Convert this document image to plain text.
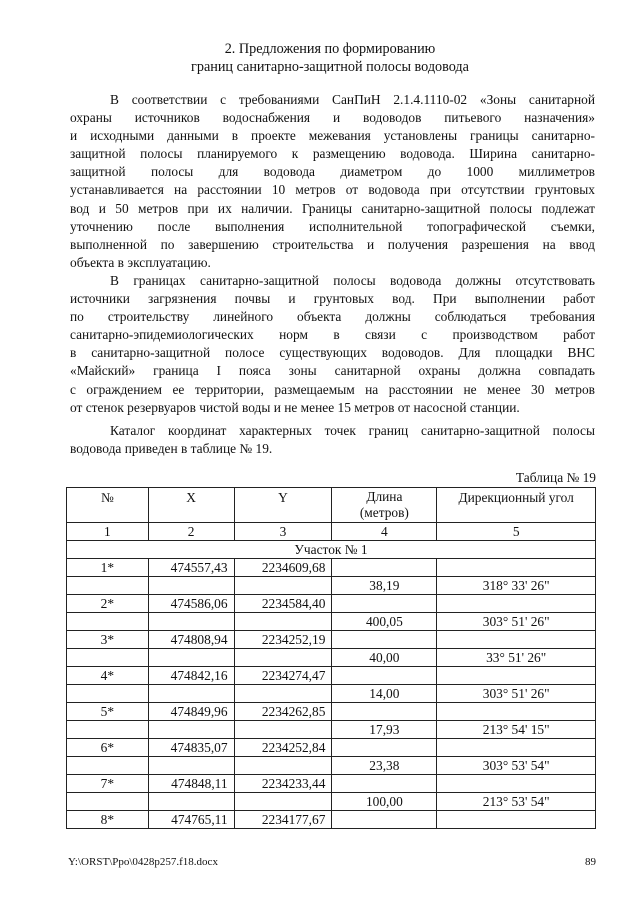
2. Предложения по формированию
границ санитарно-защитной полосы водовода
В соответствии с требованиями СанПиН 2.1.4.1110-02 «Зоны санитарной
охраны источников водоснабжения и водоводов питьевого назначения»
и исходными данными в проекте межевания установлены границы санитарно-
защитной полосы планируемого к размещению водовода. Ширина санитарно-
защитной полосы для водовода диаметром до 1000 миллиметров
устанавливается на расстоянии 10 метров от водовода при отсутствии грунтовых
вод и 50 метров при их наличии. Границы санитарно-защитной полосы подлежат
уточнению после выполнения исполнительной топографической съемки,
выполненной по завершению строительства и получения разрешения на ввод
объекта в эксплуатацию.
В границах санитарно-защитной полосы водовода должны отсутствовать
источники загрязнения почвы и грунтовых вод. При выполнении работ
по строительству линейного объекта должны соблюдаться требования
санитарно-эпидемиологических норм в связи с производством работ
в санитарно-защитной полосе существующих водоводов. Для площадки ВНС
«Майский» граница I пояса зоны санитарной охраны должна совпадать
с ограждением ее территории, размещаемым на расстоянии не менее 30 метров
от стенок резервуаров чистой воды и не менее 15 метров от насосной станции.
Каталог координат характерных точек границ санитарно-защитной полосы
водовода приведен в таблице № 19.
Таблица № 19
№	X	Y	Длина (метров)	Дирекционный угол
1	2	3	4	5
Участок № 1				
1*	474557,43	2234609,68		
			38,19	318° 33' 26"
2*	474586,06	2234584,40		
			400,05	303° 51' 26"
3*	474808,94	2234252,19		
			40,00	33° 51' 26"
4*	474842,16	2234274,47		
			14,00	303° 51' 26"
5*	474849,96	2234262,85		
			17,93	213° 54' 15"
6*	474835,07	2234252,84		
			23,38	303° 53' 54"
7*	474848,11	2234233,44		
			100,00	213° 53' 54"
8*	474765,11	2234177,67		
Y:\ORST\Ppo\0428p257.f18.docx	89
